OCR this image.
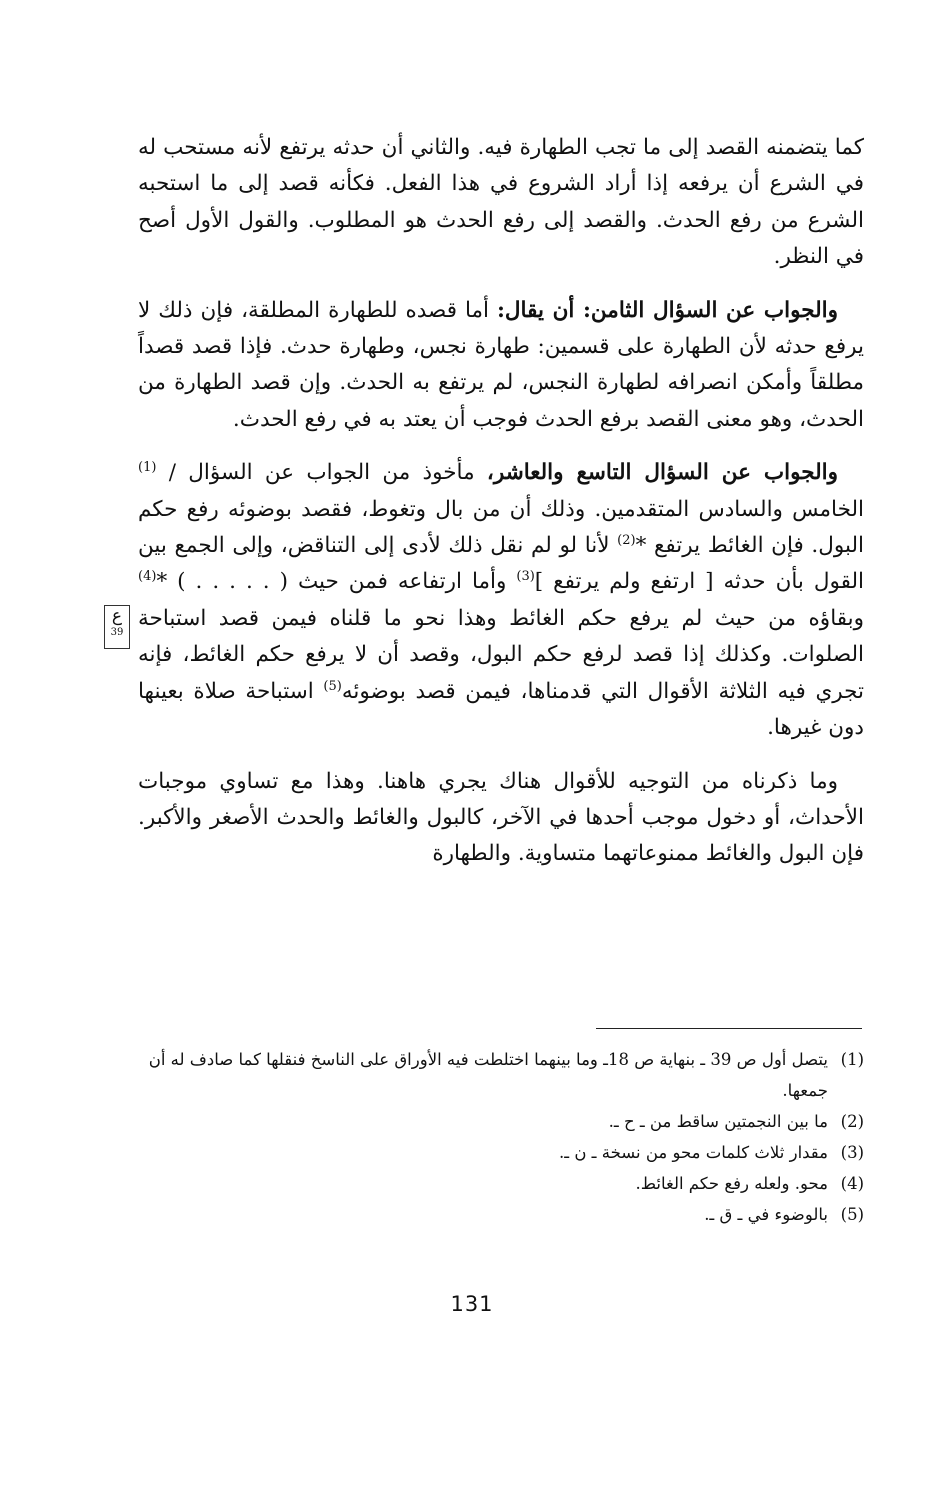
كما يتضمنه القصد إلى ما تجب الطهارة فيه. والثاني أن حدثه يرتفع لأنه مستحب له في الشرع أن يرفعه إذا أراد الشروع في هذا الفعل. فكأنه قصد إلى ما استحبه الشرع من رفع الحدث. والقصد إلى رفع الحدث هو المطلوب. والقول الأول أصح في النظر.

والجواب عن السؤال الثامن: أن يقال: أما قصده للطهارة المطلقة، فإن ذلك لا يرفع حدثه لأن الطهارة على قسمين: طهارة نجس، وطهارة حدث. فإذا قصد قصداً مطلقاً وأمكن انصرافه لطهارة النجس، لم يرتفع به الحدث. وإن قصد الطهارة من الحدث، وهو معنى القصد برفع الحدث فوجب أن يعتد به في رفع الحدث.

والجواب عن السؤال التاسع والعاشر، مأخوذ من الجواب عن السؤال / $^{(1)}$ الخامس والسادس المتقدمين. وذلك أن من بال وتغوط، فقصد بوضوئه رفع حكم البول. فإن الغائط يرتفع *$^{(2)}$ لأنا لو لم نقل ذلك لأدى إلى التناقض، وإلى الجمع بين القول بأن حدثه [ ارتفع ولم يرتفع ]$^{(3)}$ وأما ارتفاعه فمن حيث ( . . . . . ) *$^{(4)}$ وبقاؤه من حيث لم يرفع حكم الغائط وهذا نحو ما قلناه فيمن قصد استباحة الصلوات. وكذلك إذا قصد لرفع حكم البول، وقصد أن لا يرفع حكم الغائط، فإنه تجري فيه الثلاثة الأقوال التي قدمناها، فيمن قصد بوضوئه$^{(5)}$ استباحة صلاة بعينها دون غيرها.

وما ذكرناه من التوجيه للأقوال هناك يجري هاهنا. وهذا مع تساوي موجبات الأحداث، أو دخول موجب أحدها في الآخر، كالبول والغائط والحدث الأصغر والأكبر. فإن البول والغائط ممنوعاتهما متساوية. والطهارة

ع
39

(1)
يتصل أول ص 39 ـ بنهاية ص 18ـ وما بينهما اختلطت فيه الأوراق على الناسخ فنقلها كما صادف له أن جمعها.

(2)
ما بين النجمتين ساقط من ـ ح ـ.

(3)
مقدار ثلاث كلمات محو من نسخة ـ ن ـ.

(4)
محو. ولعله رفع حكم الغائط.

(5)
بالوضوء في ـ ق ـ.

131
